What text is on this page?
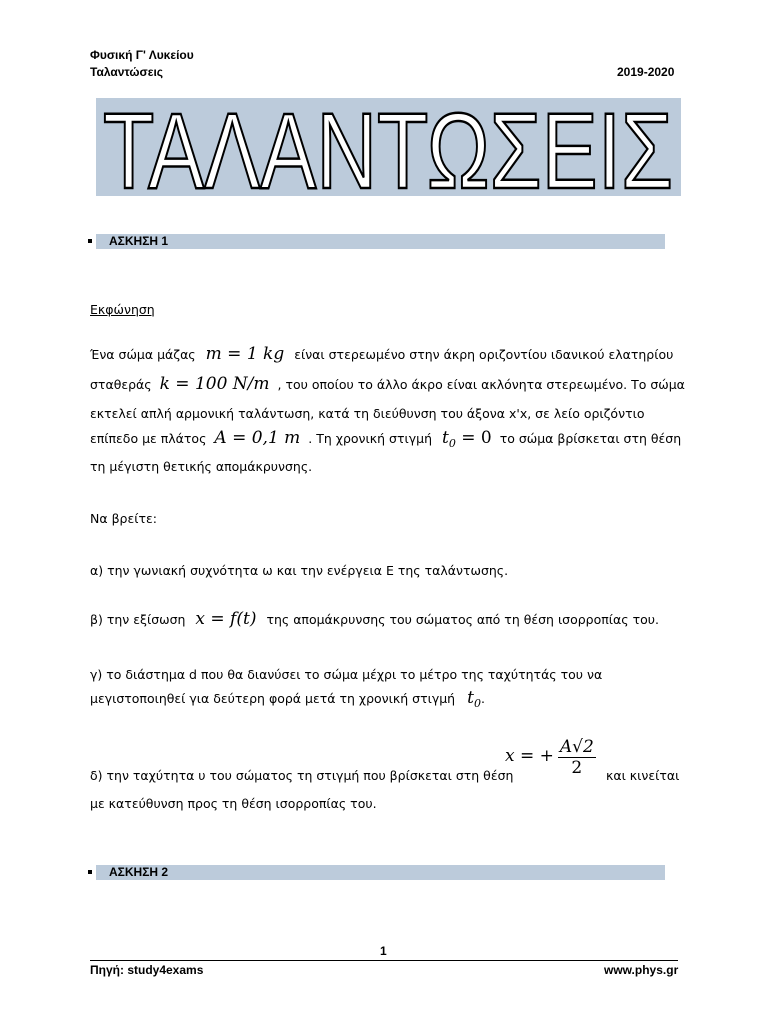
Φυσική Γ' Λυκείου
Ταλαντώσεις	2019-2020
ΤΑΛΑΝΤΩΣΕΙΣ
ΑΣΚΗΣΗ 1
Εκφώνηση
Ένα σώμα μάζας m = 1 kg είναι στερεωμένο στην άκρη οριζοντίου ιδανικού ελατηρίου
σταθεράς k = 100 N/m , του οποίου το άλλο άκρο είναι ακλόνητα στερεωμένο. Το σώμα
εκτελεί απλή αρμονική ταλάντωση, κατά τη διεύθυνση του άξονα x'x, σε λείο οριζόντιο
επίπεδο με πλάτος A = 0,1 m . Τη χρονική στιγμή $t_0 = 0$ το σώμα βρίσκεται στη θέση
τη μέγιστη θετικής απομάκρυνσης.
Να βρείτε:
α) την γωνιακή συχνότητα ω και την ενέργεια Ε της ταλάντωσης.
β) την εξίσωση x = f(t) της απομάκρυνσης του σώματος από τη θέση ισορροπίας του.
γ) το διάστημα d που θα διανύσει το σώμα μέχρι το μέτρο της ταχύτητάς του να
μεγιστοποιηθεί για δεύτερη φορά μετά τη χρονική στιγμή $t_0$.
δ) την ταχύτητα υ του σώματος τη στιγμή που βρίσκεται στη θέση
x = + $\frac{A√2}{2}$ και κινείται
με κατεύθυνση προς τη θέση ισορροπίας του.
ΑΣΚΗΣΗ 2
1
Πηγή: study4exams	www.phys.gr
